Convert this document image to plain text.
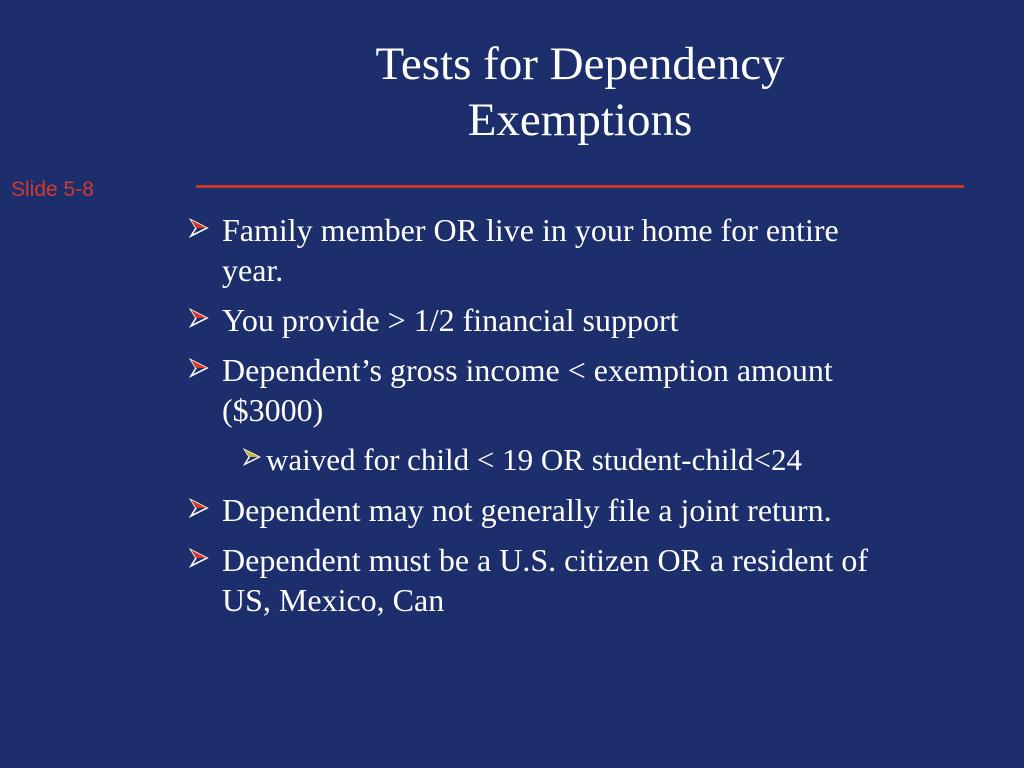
Tests for Dependency
Exemptions
Slide 5-8
Family member OR live in your home for entire year.
You provide > 1/2 financial support
Dependent’s gross income < exemption amount ($3000)
waived for child < 19 OR student-child<24
Dependent may not generally file a joint return.
Dependent must be a U.S. citizen OR a resident of US, Mexico, Can
